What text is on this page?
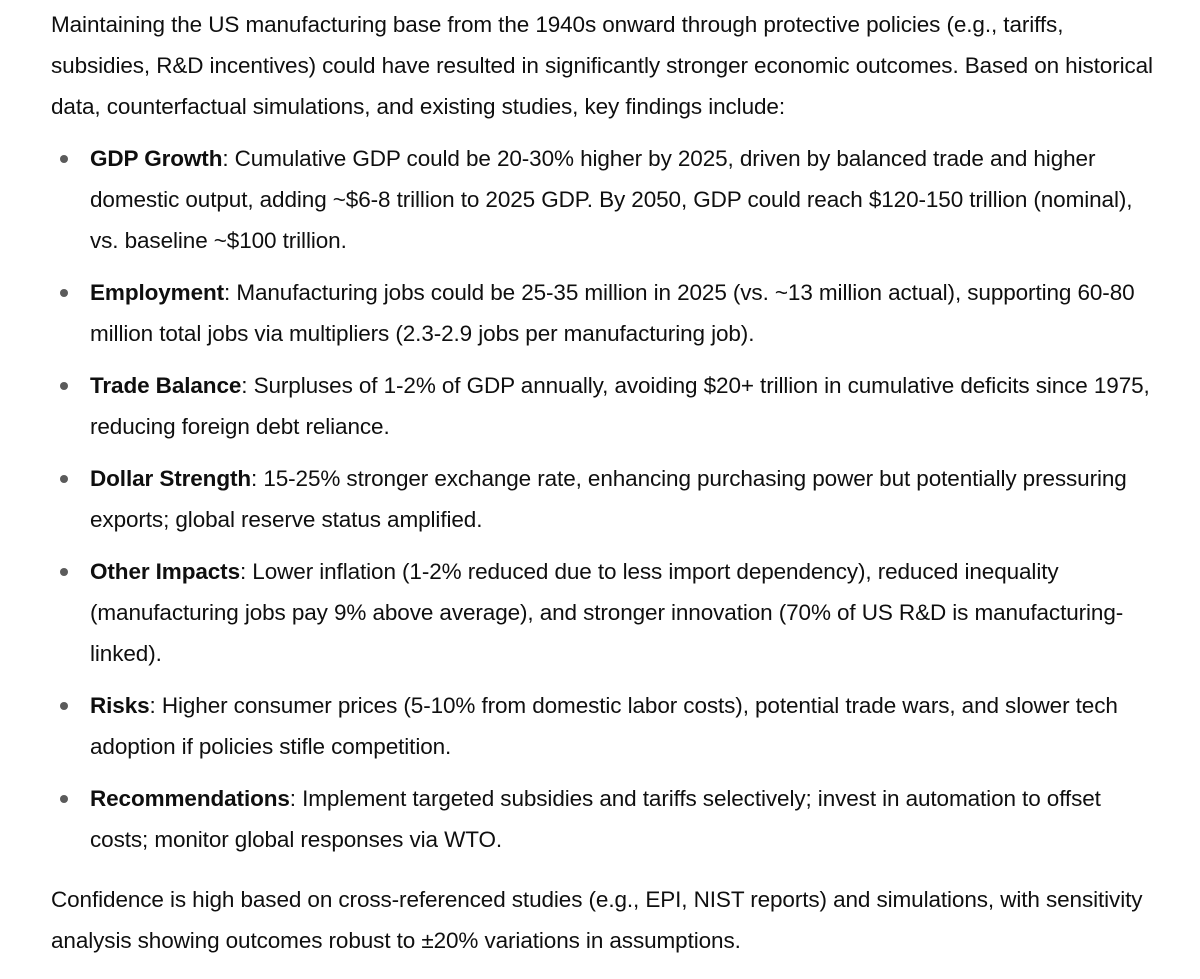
Maintaining the US manufacturing base from the 1940s onward through protective policies (e.g., tariffs, subsidies, R&D incentives) could have resulted in significantly stronger economic outcomes. Based on historical data, counterfactual simulations, and existing studies, key findings include:

GDP Growth: Cumulative GDP could be 20-30% higher by 2025, driven by balanced trade and higher domestic output, adding ~$6-8 trillion to 2025 GDP. By 2050, GDP could reach $120-150 trillion (nominal), vs. baseline ~$100 trillion.
Employment: Manufacturing jobs could be 25-35 million in 2025 (vs. ~13 million actual), supporting 60-80 million total jobs via multipliers (2.3-2.9 jobs per manufacturing job).
Trade Balance: Surpluses of 1-2% of GDP annually, avoiding $20+ trillion in cumulative deficits since 1975, reducing foreign debt reliance.
Dollar Strength: 15-25% stronger exchange rate, enhancing purchasing power but potentially pressuring exports; global reserve status amplified.
Other Impacts: Lower inflation (1-2% reduced due to less import dependency), reduced inequality (manufacturing jobs pay 9% above average), and stronger innovation (70% of US R&D is manufacturing-linked).
Risks: Higher consumer prices (5-10% from domestic labor costs), potential trade wars, and slower tech adoption if policies stifle competition.
Recommendations: Implement targeted subsidies and tariffs selectively; invest in automation to offset costs; monitor global responses via WTO.

Confidence is high based on cross-referenced studies (e.g., EPI, NIST reports) and simulations, with sensitivity analysis showing outcomes robust to ±20% variations in assumptions.
